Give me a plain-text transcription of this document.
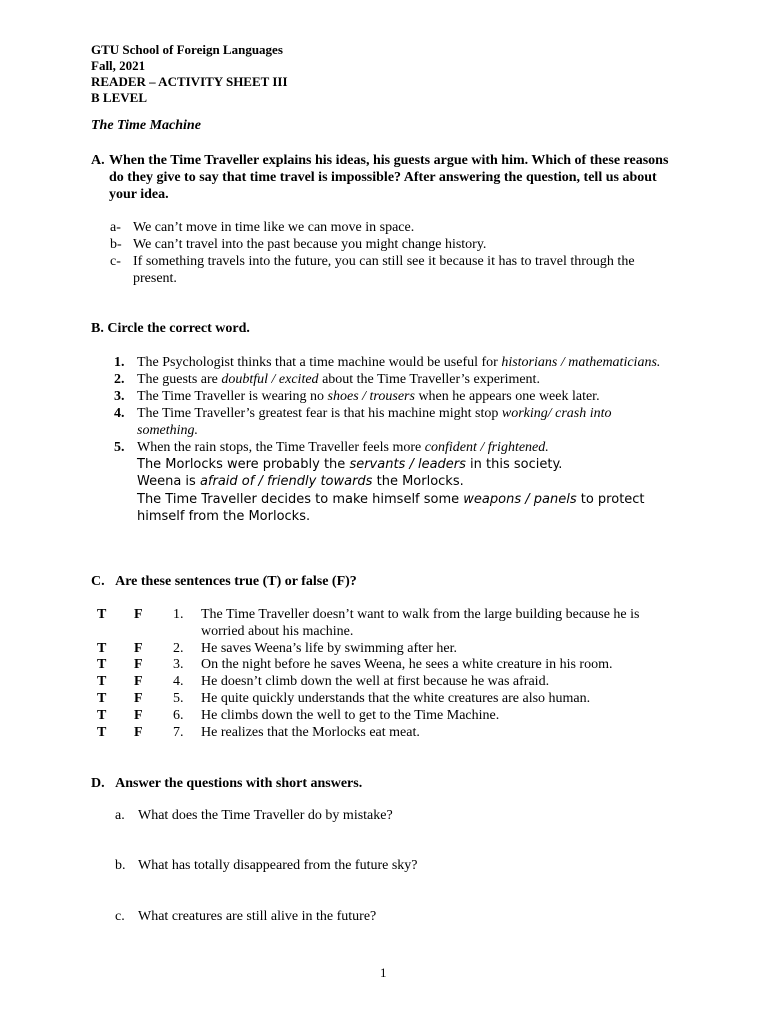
GTU School of Foreign Languages
Fall, 2021
READER – ACTIVITY SHEET III
B LEVEL
The Time Machine
A. When the Time Traveller explains his ideas, his guests argue with him. Which of these reasons do they give to say that time travel is impossible? After answering the question, tell us about your idea.
a- We can’t move in time like we can move in space.
b- We can’t travel into the past because you might change history.
c- If something travels into the future, you can still see it because it has to travel through the present.
B. Circle the correct word.
1. The Psychologist thinks that a time machine would be useful for historians / mathematicians.
2. The guests are doubtful / excited about the Time Traveller’s experiment.
3. The Time Traveller is wearing no shoes / trousers when he appears one week later.
4. The Time Traveller’s greatest fear is that his machine might stop working/ crash into something.
5. When the rain stops, the Time Traveller feels more confident / frightened.
The Morlocks were probably the servants / leaders in this society.
Weena is afraid of / friendly towards the Morlocks.
The Time Traveller decides to make himself some weapons / panels to protect himself from the Morlocks.
C.   Are these sentences true (T) or false (F)?
T F 1. The Time Traveller doesn’t want to walk from the large building because he is worried about his machine.
T F 2. He saves Weena’s life by swimming after her.
T F 3. On the night before he saves Weena, he sees a white creature in his room.
T F 4. He doesn’t climb down the well at first because he was afraid.
T F 5. He quite quickly understands that the white creatures are also human.
T F 6. He climbs down the well to get to the Time Machine.
T F 7. He realizes that the Morlocks eat meat.
D.   Answer the questions with short answers.
a. What does the Time Traveller do by mistake?
b. What has totally disappeared from the future sky?
c. What creatures are still alive in the future?
1
